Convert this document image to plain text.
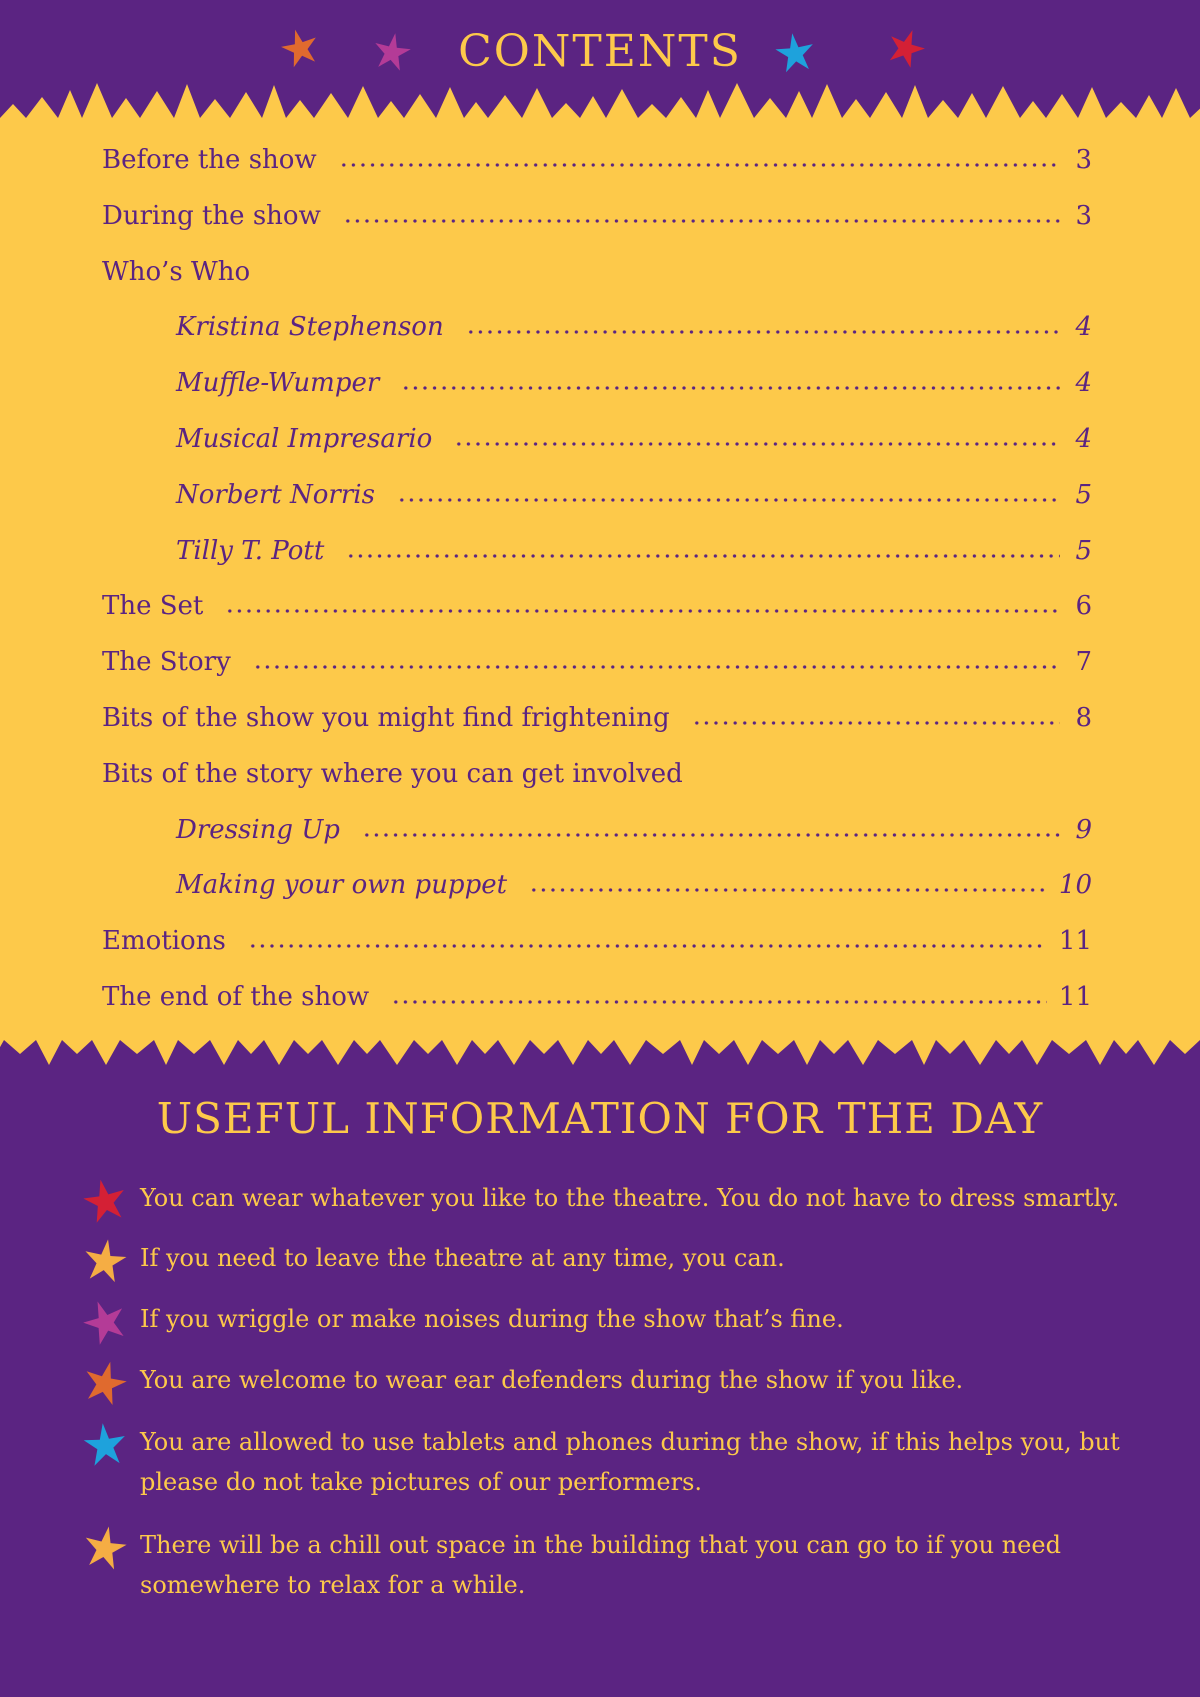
CONTENTS
Before the show	3
During the show	3
Who’s Who
Kristina Stephenson	4
Muffle-Wumper	4
Musical Impresario	4
Norbert Norris	5
Tilly T. Pott	5
The Set	6
The Story	7
Bits of the show you might find frightening	8
Bits of the story where you can get involved
Dressing Up	9
Making your own puppet	10
Emotions	11
The end of the show	11
USEFUL INFORMATION FOR THE DAY
You can wear whatever you like to the theatre. You do not have to dress smartly.
If you need to leave the theatre at any time, you can.
If you wriggle or make noises during the show that’s fine.
You are welcome to wear ear defenders during the show if you like.
You are allowed to use tablets and phones during the show, if this helps you, but please do not take pictures of our performers.
There will be a chill out space in the building that you can go to if you need somewhere to relax for a while.
